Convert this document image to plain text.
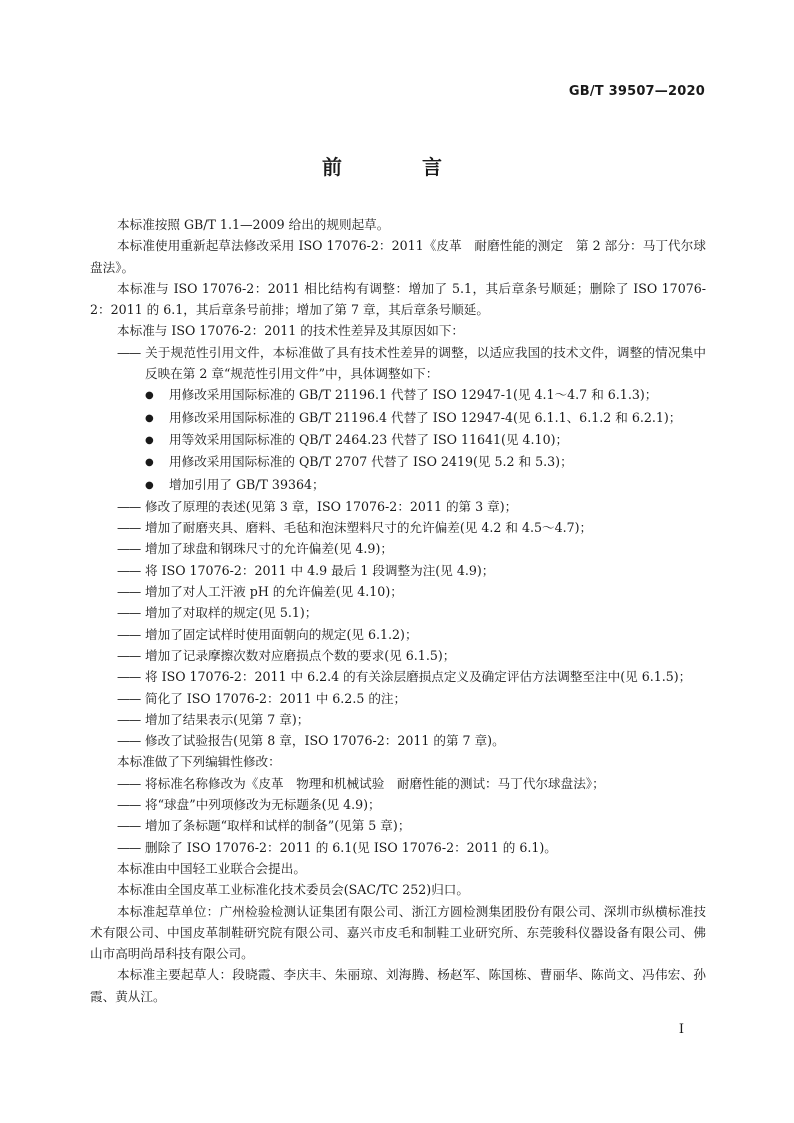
GB/T 39507—2020
前　言

本标准按照 GB/T 1.1—2009 给出的规则起草。

本标准使用重新起草法修改采用 ISO 17076-2：2011《皮革　耐磨性能的测定　第 2 部分：马丁代尔球盘法》。

本标准与 ISO 17076-2：2011 相比结构有调整：增加了 5.1，其后章条号顺延；删除了 ISO 17076-2：2011 的 6.1，其后章条号前排；增加了第 7 章，其后章条号顺延。

本标准与 ISO 17076-2：2011 的技术性差异及其原因如下：

—— 关于规范性引用文件，本标准做了具有技术性差异的调整，以适应我国的技术文件，调整的情况集中反映在第 2 章“规范性引用文件”中，具体调整如下：

● 用修改采用国际标准的 GB/T 21196.1 代替了 ISO 12947-1(见 4.1～4.7 和 6.1.3)；

● 用修改采用国际标准的 GB/T 21196.4 代替了 ISO 12947-4(见 6.1.1、6.1.2 和 6.2.1)；

● 用等效采用国际标准的 QB/T 2464.23 代替了 ISO 11641(见 4.10)；

● 用修改采用国际标准的 QB/T 2707 代替了 ISO 2419(见 5.2 和 5.3)；

● 增加引用了 GB/T 39364；

—— 修改了原理的表述(见第 3 章，ISO 17076-2：2011 的第 3 章)；

—— 增加了耐磨夹具、磨料、毛毡和泡沫塑料尺寸的允许偏差(见 4.2 和 4.5～4.7)；

—— 增加了球盘和钢珠尺寸的允许偏差(见 4.9)；

—— 将 ISO 17076-2：2011 中 4.9 最后 1 段调整为注(见 4.9)；

—— 增加了对人工汗液 pH 的允许偏差(见 4.10)；

—— 增加了对取样的规定(见 5.1)；

—— 增加了固定试样时使用面朝向的规定(见 6.1.2)；

—— 增加了记录摩擦次数对应磨损点个数的要求(见 6.1.5)；

—— 将 ISO 17076-2：2011 中 6.2.4 的有关涂层磨损点定义及确定评估方法调整至注中(见 6.1.5)；

—— 简化了 ISO 17076-2：2011 中 6.2.5 的注；

—— 增加了结果表示(见第 7 章)；

—— 修改了试验报告(见第 8 章，ISO 17076-2：2011 的第 7 章)。

本标准做了下列编辑性修改：

—— 将标准名称修改为《皮革　物理和机械试验　耐磨性能的测试：马丁代尔球盘法》；

—— 将“球盘”中列项修改为无标题条(见 4.9)；

—— 增加了条标题“取样和试样的制备”(见第 5 章)；

—— 删除了 ISO 17076-2：2011 的 6.1(见 ISO 17076-2：2011 的 6.1)。

本标准由中国轻工业联合会提出。

本标准由全国皮革工业标准化技术委员会(SAC/TC 252)归口。

本标准起草单位：广州检验检测认证集团有限公司、浙江方圆检测集团股份有限公司、深圳市纵横标准技术有限公司、中国皮革制鞋研究院有限公司、嘉兴市皮毛和制鞋工业研究所、东莞骏科仪器设备有限公司、佛山市高明尚昂科技有限公司。

本标准主要起草人：段晓霞、李庆丰、朱丽琼、刘海腾、杨赵军、陈国栋、曹丽华、陈尚文、冯伟宏、孙霞、黄从江。

I
